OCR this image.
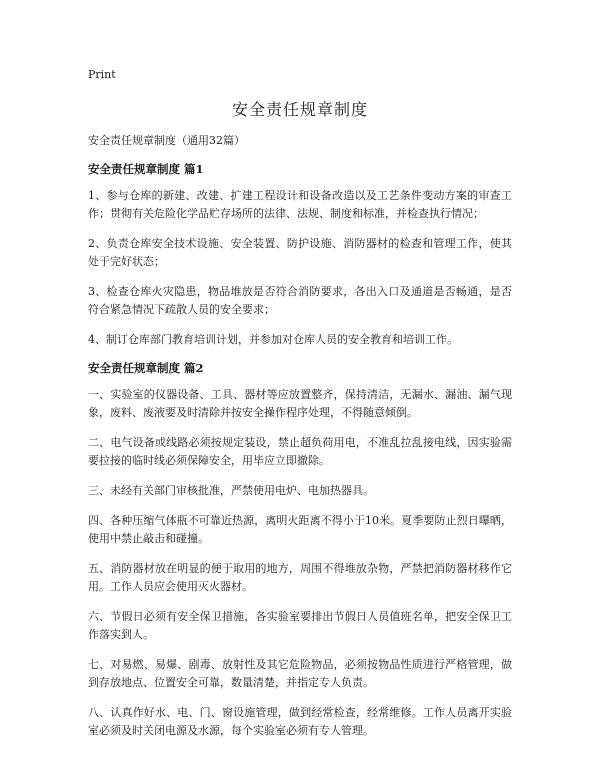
Print
安全责任规章制度
安全责任规章制度（通用32篇）
安全责任规章制度 篇1

1、参与仓库的新建、改建、扩建工程设计和设备改造以及工艺条件变动方案的审查工作；贯彻有关危险化学品贮存场所的法律、法规、制度和标准，并检查执行情况；

2、负责仓库安全技术设施、安全装置、防护设施、消防器材的检查和管理工作，使其处于完好状态；

3、检查仓库火灾隐患，物品堆放是否符合消防要求，各出入口及通道是否畅通，是否符合紧急情况下疏散人员的安全要求；

4、制订仓库部门教育培训计划，并参加对仓库人员的安全教育和培训工作。

安全责任规章制度 篇2

一、实验室的仪器设备、工具、器材等应放置整齐，保持清洁，无漏水、漏油、漏气现象，废料、废液要及时清除并按安全操作程序处理，不得随意倾倒。

二、电气设备或线路必须按规定装设，禁止超负荷用电，不准乱拉乱接电线，因实验需要拉接的临时线必须保障安全，用毕应立即撤除。

三、未经有关部门审核批准，严禁使用电炉、电加热器具。

四、各种压缩气体瓶不可靠近热源，离明火距离不得小于10米。夏季要防止烈日曝晒，使用中禁止敲击和碰撞。

五、消防器材放在明显的便于取用的地方，周围不得堆放杂物，严禁把消防器材移作它用。工作人员应会使用灭火器材。

六、节假日必须有安全保卫措施，各实验室要排出节假日人员值班名单，把安全保卫工作落实到人。

七、对易燃、易爆、剧毒、放射性及其它危险物品，必须按物品性质进行严格管理，做到存放地点、位置安全可靠，数量清楚，并指定专人负责。

八、认真作好水、电、门、窗设施管理，做到经常检查，经常维修。工作人员离开实验室必须及时关闭电源及水源，每个实验室必须有专人管理。
